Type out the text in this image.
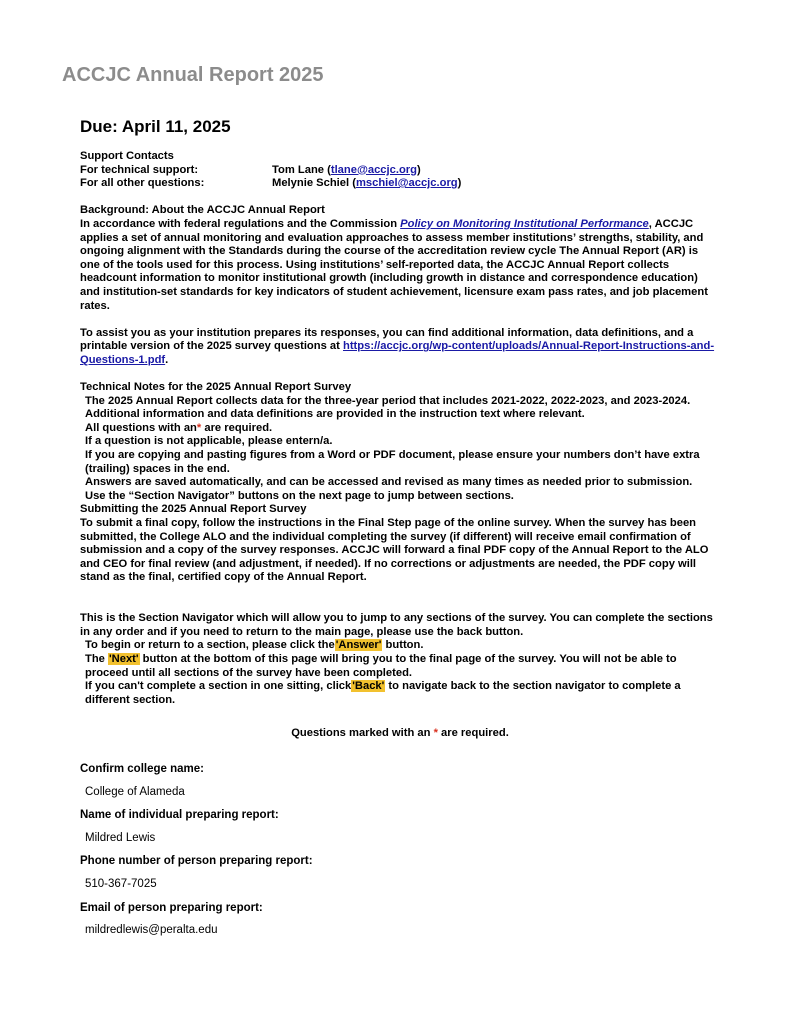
ACCJC Annual Report 2025
Due: April 11, 2025

Support Contacts

For technical support:	Tom Lane (tlane@accjc.org)
For all other questions:	Melynie Schiel (mschiel@accjc.org)

Background: About the ACCJC Annual Report

In accordance with federal regulations and the Commission Policy on Monitoring Institutional Performance, ACCJC applies a set of annual monitoring and evaluation approaches to assess member institutions’ strengths, stability, and ongoing alignment with the Standards during the course of the accreditation review cycle The Annual Report (AR) is one of the tools used for this process. Using institutions’ self-reported data, the ACCJC Annual Report collects headcount information to monitor institutional growth (including growth in distance and correspondence education) and institution-set standards for key indicators of student achievement, licensure exam pass rates, and job placement rates.

To assist you as your institution prepares its responses, you can find additional information, data definitions, and a printable version of the 2025 survey questions at https://accjc.org/wp-content/uploads/Annual-Report-Instructions-and-Questions-1.pdf.

Technical Notes for the 2025 Annual Report Survey

The 2025 Annual Report collects data for the three-year period that includes 2021-2022, 2022-2023, and 2023-2024.

Additional information and data definitions are provided in the instruction text where relevant.

All questions with an* are required.

If a question is not applicable, please entern/a.

If you are copying and pasting figures from a Word or PDF document, please ensure your numbers don’t have extra (trailing) spaces in the end.

Answers are saved automatically, and can be accessed and revised as many times as needed prior to submission.

Use the “Section Navigator” buttons on the next page to jump between sections.

Submitting the 2025 Annual Report Survey

To submit a final copy, follow the instructions in the Final Step page of the online survey. When the survey has been submitted, the College ALO and the individual completing the survey (if different) will receive email confirmation of submission and a copy of the survey responses. ACCJC will forward a final PDF copy of the Annual Report to the ALO and CEO for final review (and adjustment, if needed). If no corrections or adjustments are needed, the PDF copy will stand as the final, certified copy of the Annual Report.

This is the Section Navigator which will allow you to jump to any sections of the survey. You can complete the sections in any order and if you need to return to the main page, please use the back button.

To begin or return to a section, please click the'Answer' button.

The 'Next' button at the bottom of this page will bring you to the final page of the survey. You will not be able to proceed until all sections of the survey have been completed.

If you can't complete a section in one sitting, click'Back' to navigate back to the section navigator to complete a different section.

Questions marked with an * are required.

Confirm college name:
College of Alameda
Name of individual preparing report:
Mildred Lewis
Phone number of person preparing report:
510-367-7025
Email of person preparing report:
mildredlewis@peralta.edu
